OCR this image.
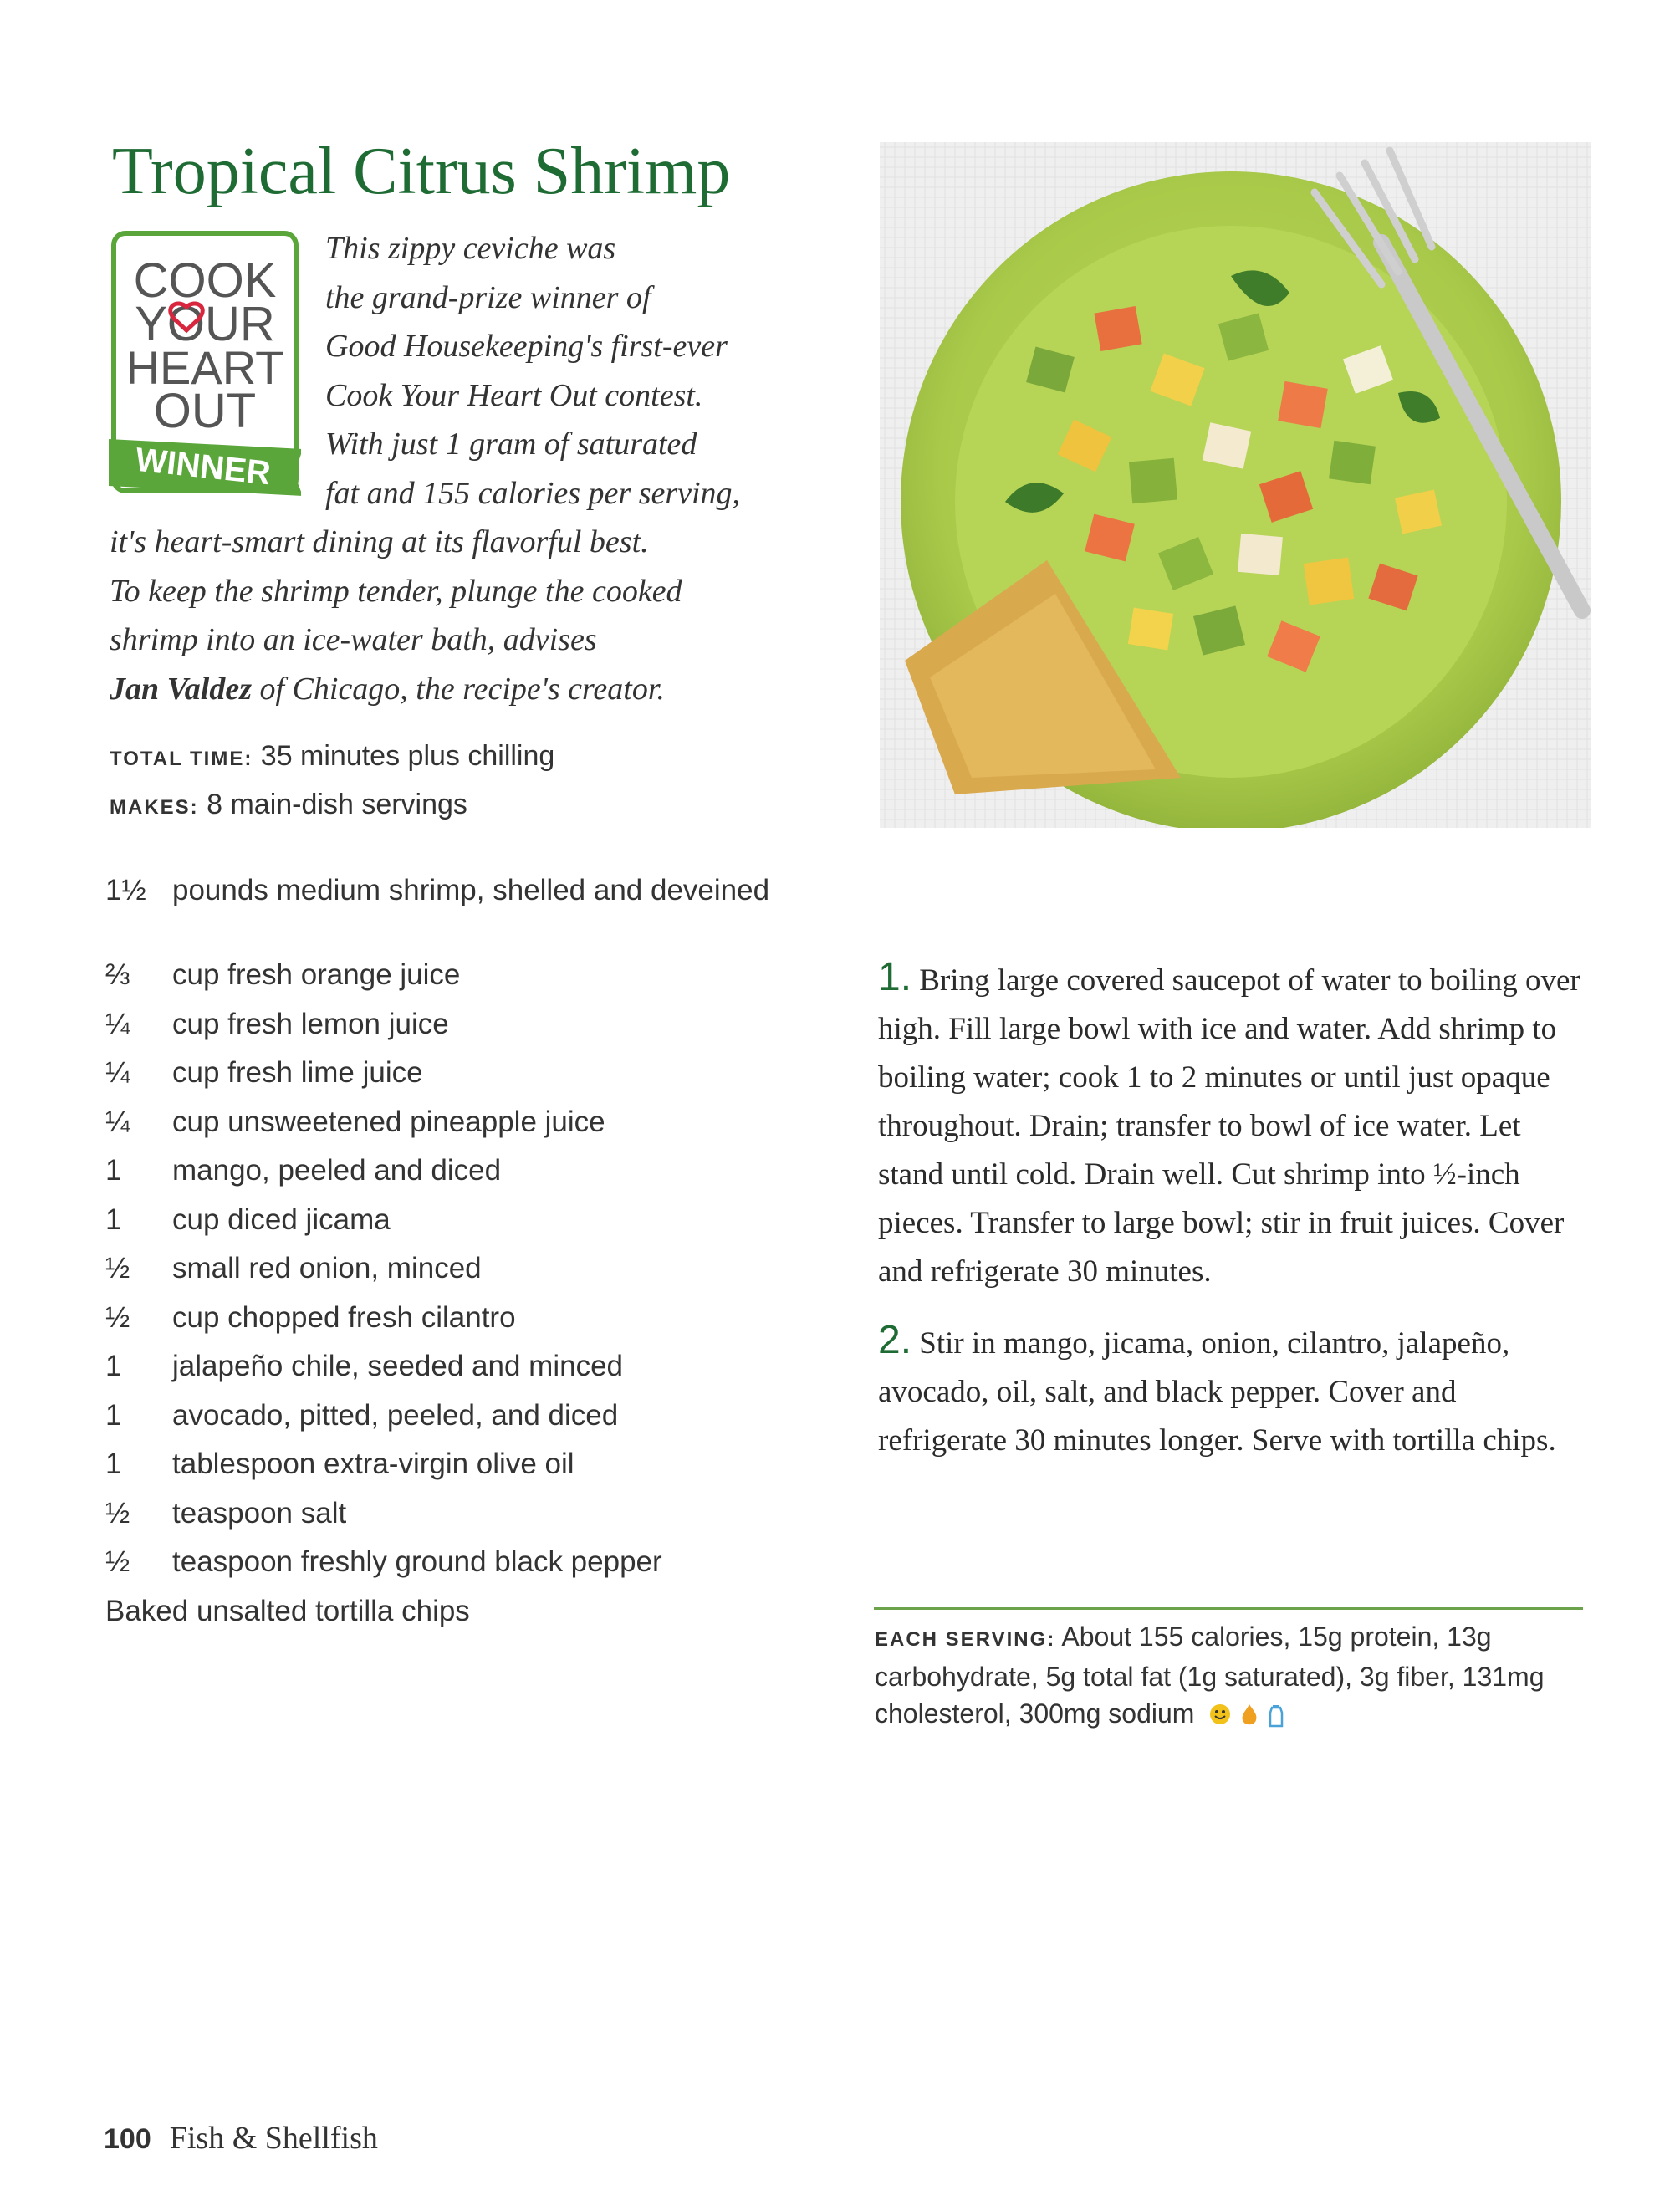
Tropical Citrus Shrimp
COOK
YOUR
HEART
OUT
WINNER
This zippy ceviche was
the grand-prize winner of
Good Housekeeping's first-ever
Cook Your Heart Out contest.
With just 1 gram of saturated
fat and 155 calories per serving,
it's heart-smart dining at its flavorful best.
To keep the shrimp tender, plunge the cooked
shrimp into an ice-water bath, advises
Jan Valdez of Chicago, the recipe's creator.
TOTAL TIME: 35 minutes plus chilling
MAKES: 8 main-dish servings
1½ pounds medium shrimp, shelled and deveined
⅔	cup fresh orange juice
¼	cup fresh lemon juice
¼	cup fresh lime juice
¼	cup unsweetened pineapple juice
1	mango, peeled and diced
1	cup diced jicama
½	small red onion, minced
½	cup chopped fresh cilantro
1	jalapeño chile, seeded and minced
1	avocado, pitted, peeled, and diced
1	tablespoon extra-virgin olive oil
½	teaspoon salt
½	teaspoon freshly ground black pepper
Baked unsalted tortilla chips
1. Bring large covered saucepot of water to boiling over high. Fill large bowl with ice and water. Add shrimp to boiling water; cook 1 to 2 minutes or until just opaque throughout. Drain; transfer to bowl of ice water. Let stand until cold. Drain well. Cut shrimp into ½-inch pieces. Transfer to large bowl; stir in fruit juices. Cover and refrigerate 30 minutes.
2. Stir in mango, jicama, onion, cilantro, jalapeño, avocado, oil, salt, and black pepper. Cover and refrigerate 30 minutes longer. Serve with tortilla chips.
EACH SERVING: About 155 calories, 15g protein, 13g carbohydrate, 5g total fat (1g saturated), 3g fiber, 131mg cholesterol, 300mg sodium
100 Fish & Shellfish
